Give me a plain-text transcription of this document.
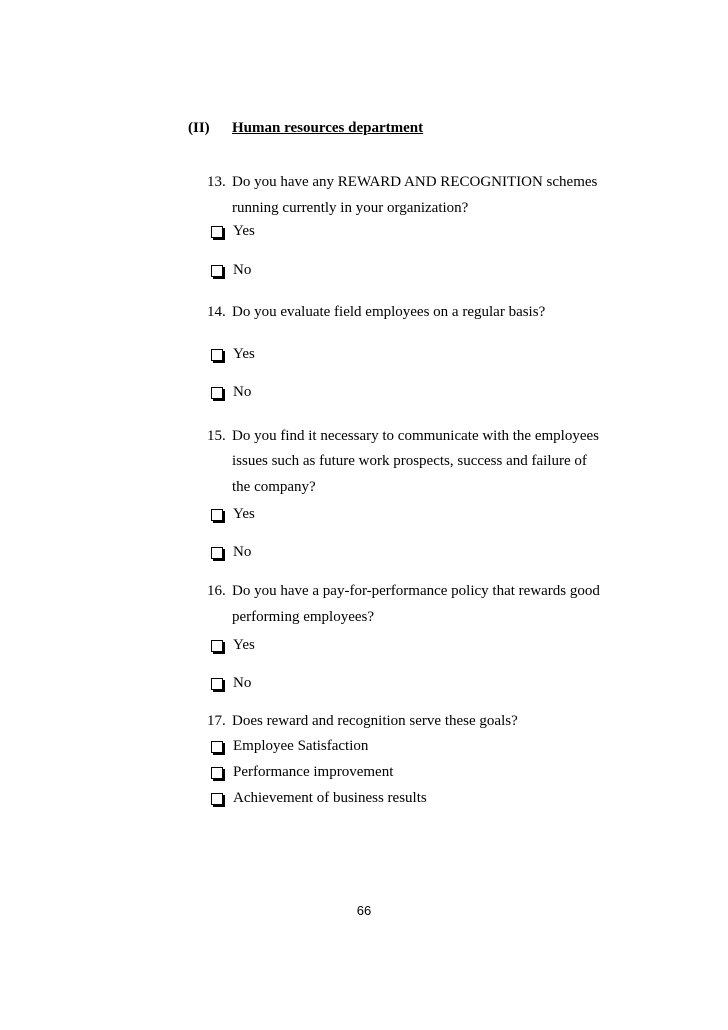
(II) Human resources department
13. Do you have any REWARD AND RECOGNITION schemes
running currently in your organization?
Yes
No
14. Do you evaluate field employees on a regular basis?
Yes
No
15. Do you find it necessary to communicate with the employees
issues such as future work prospects, success and failure of
the company?
Yes
No
16. Do you have a pay-for-performance policy that rewards good
performing employees?
Yes
No
17. Does reward and recognition serve these goals?
Employee Satisfaction
Performance improvement
Achievement of business results
66
